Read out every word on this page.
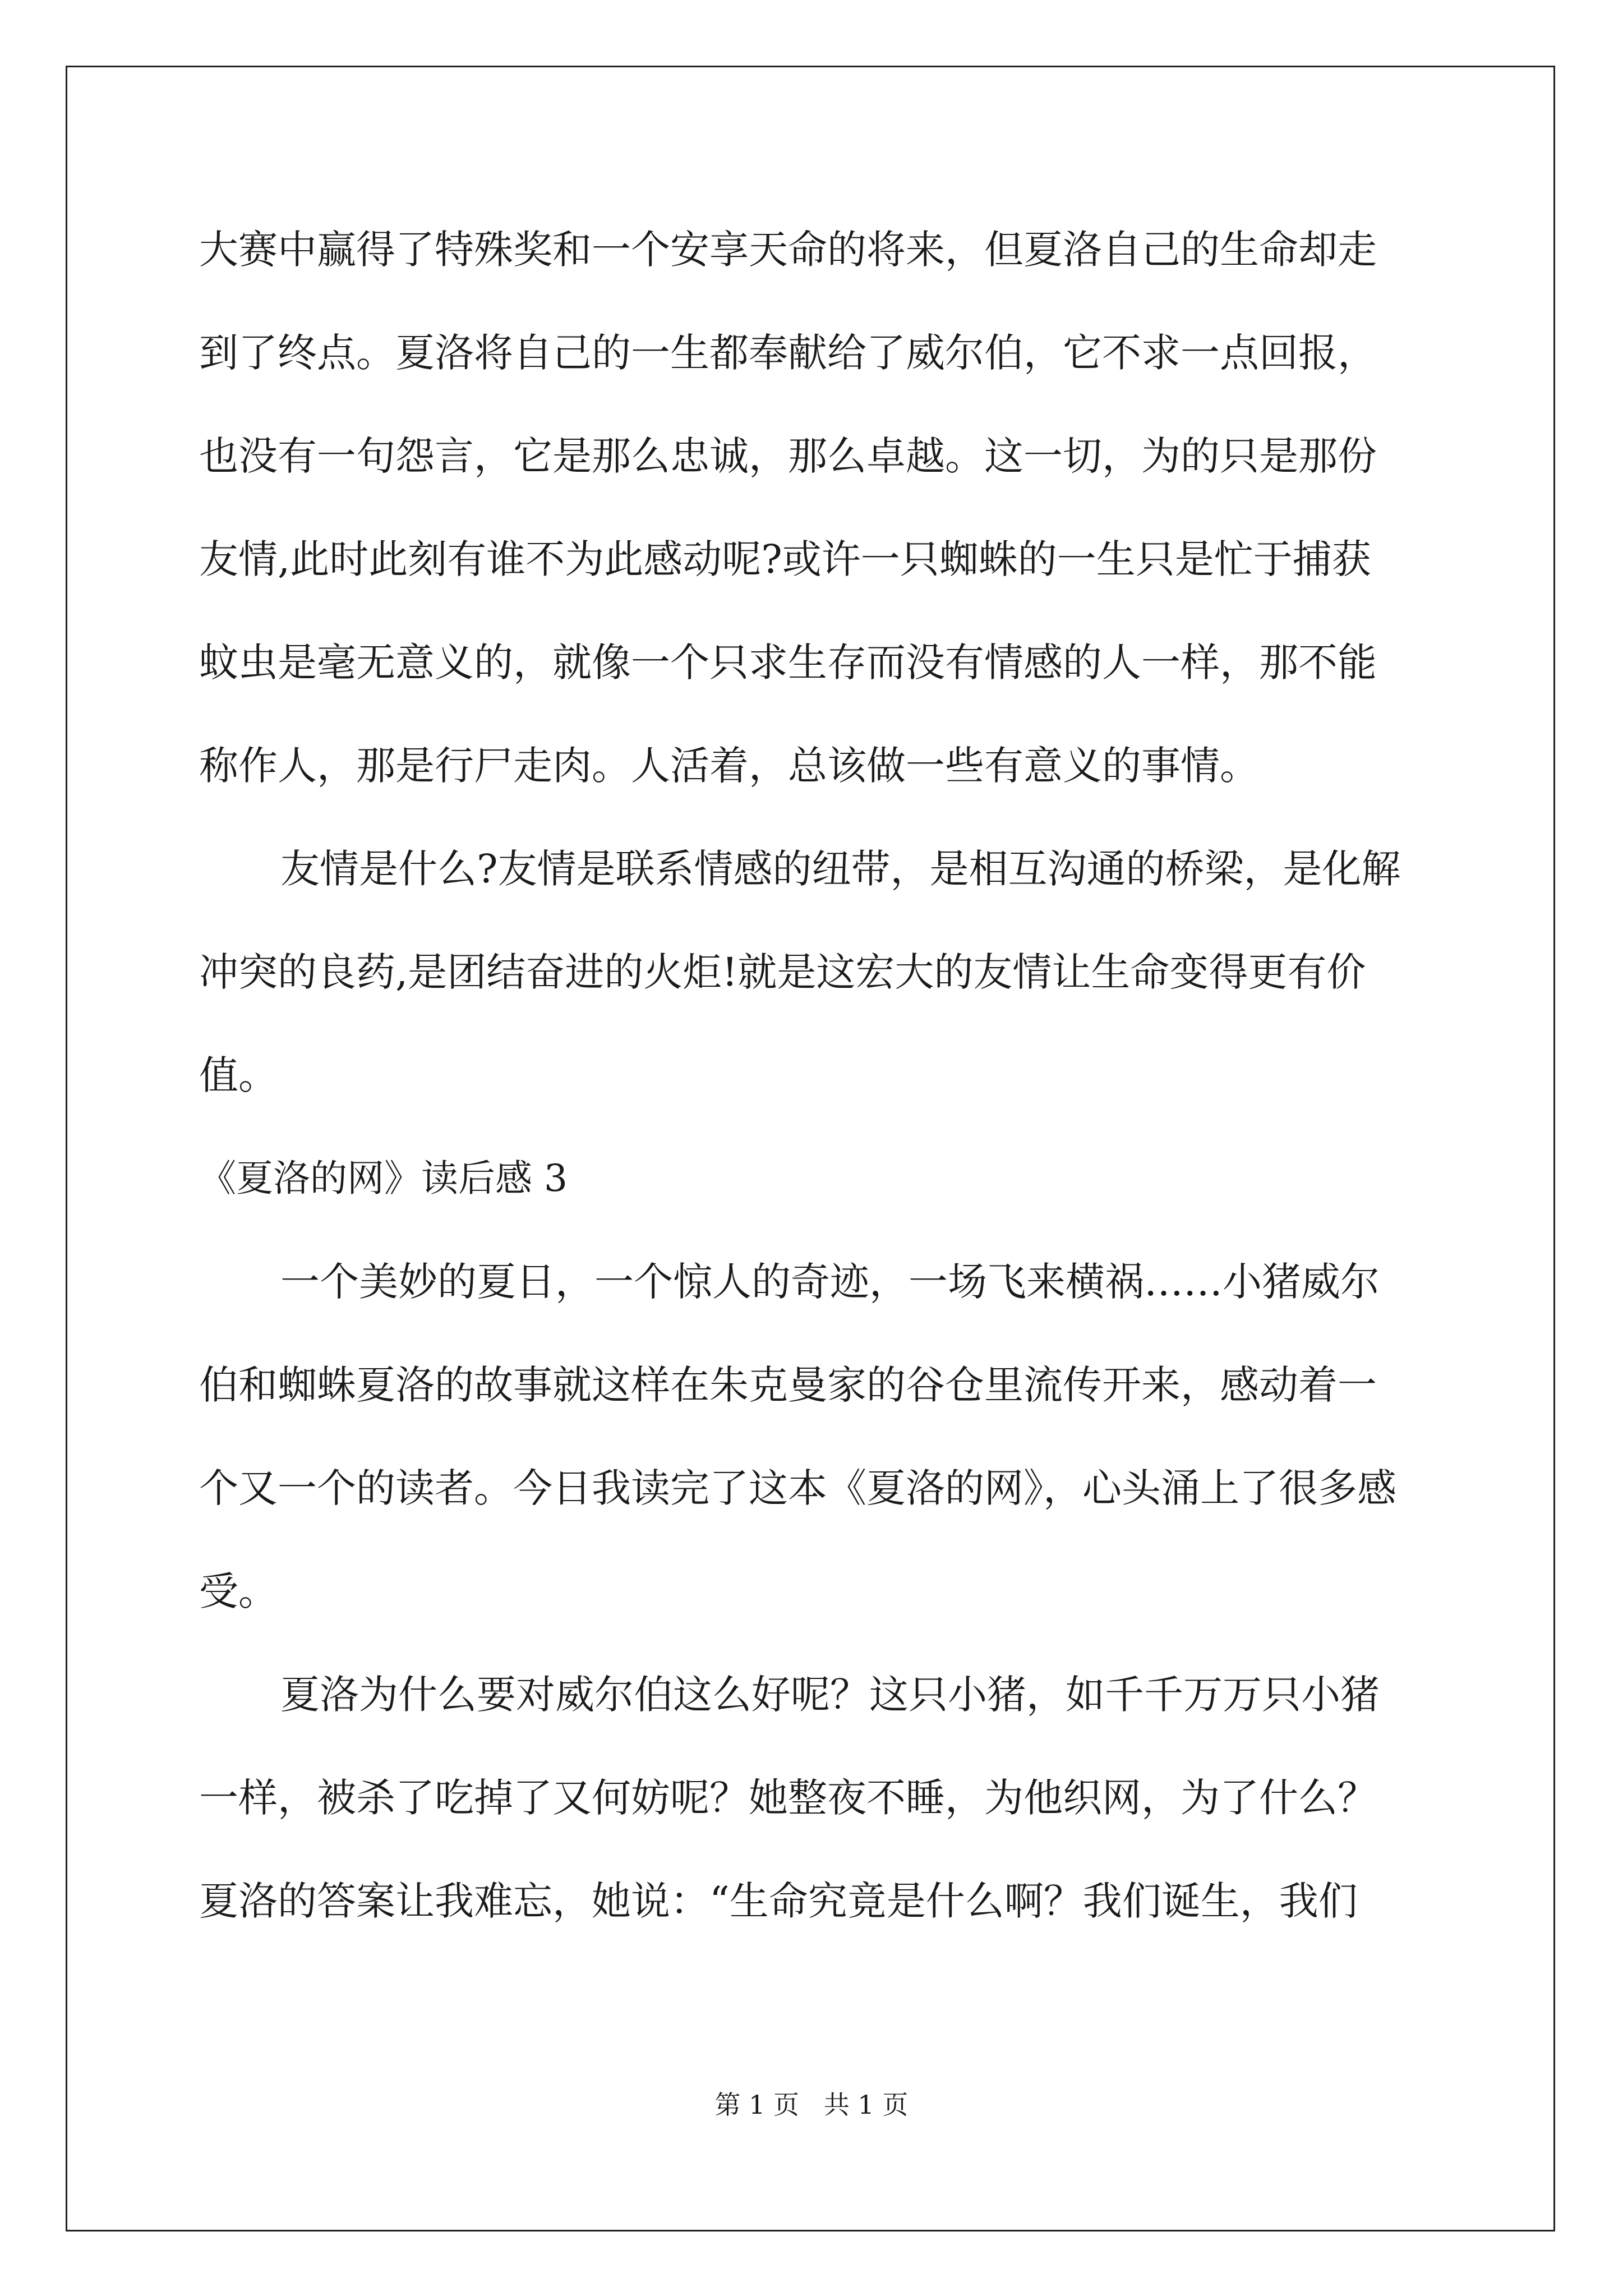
大赛中赢得了特殊奖和一个安享天命的将来，但夏洛自己的生命却走

到了终点。夏洛将自己的一生都奉献给了威尔伯，它不求一点回报，

也没有一句怨言，它是那么忠诚，那么卓越。这一切，为的只是那份

友情,此时此刻有谁不为此感动呢?或许一只蜘蛛的一生只是忙于捕获

蚊虫是毫无意义的，就像一个只求生存而没有情感的人一样，那不能

称作人，那是行尸走肉。人活着，总该做一些有意义的事情。

友情是什么?友情是联系情感的纽带，是相互沟通的桥梁，是化解

冲突的良药,是团结奋进的火炬!就是这宏大的友情让生命变得更有价

值。

《夏洛的网》读后感 3

一个美妙的夏日，一个惊人的奇迹，一场飞来横祸……小猪威尔

伯和蜘蛛夏洛的故事就这样在朱克曼家的谷仓里流传开来，感动着一

个又一个的读者。今日我读完了这本《夏洛的网》，心头涌上了很多感

受。

夏洛为什么要对威尔伯这么好呢？这只小猪，如千千万万只小猪

一样，被杀了吃掉了又何妨呢？她整夜不睡，为他织网，为了什么？

夏洛的答案让我难忘，她说：“生命究竟是什么啊？我们诞生，我们

第 1 页   共 1 页
